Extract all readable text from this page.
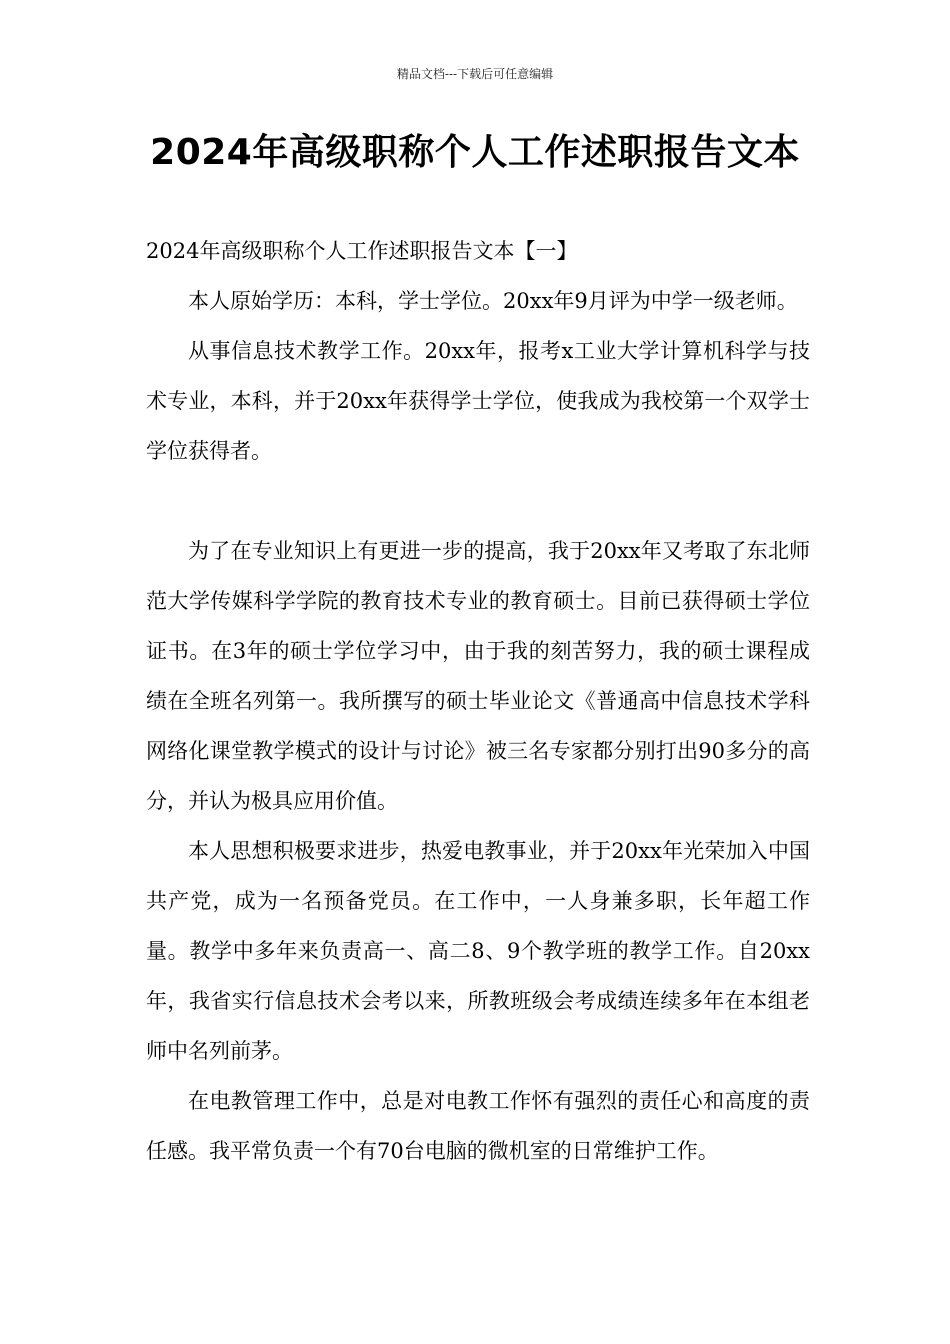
精品文档---下载后可任意编辑
2024年高级职称个人工作述职报告文本

2024年高级职称个人工作述职报告文本【一】

本人原始学历：本科，学士学位。20xx年9月评为中学一级老师。

从事信息技术教学工作。20xx年，报考x工业大学计算机科学与技术专业，本科，并于20xx年获得学士学位，使我成为我校第一个双学士学位获得者。

为了在专业知识上有更进一步的提高，我于20xx年又考取了东北师范大学传媒科学学院的教育技术专业的教育硕士。目前已获得硕士学位证书。在3年的硕士学位学习中，由于我的刻苦努力，我的硕士课程成绩在全班名列第一。我所撰写的硕士毕业论文《普通高中信息技术学科网络化课堂教学模式的设计与讨论》被三名专家都分别打出90多分的高分，并认为极具应用价值。

本人思想积极要求进步，热爱电教事业，并于20xx年光荣加入中国共产党，成为一名预备党员。在工作中，一人身兼多职，长年超工作量。教学中多年来负责高一、高二8、9个教学班的教学工作。自20xx年，我省实行信息技术会考以来，所教班级会考成绩连续多年在本组老师中名列前茅。

在电教管理工作中，总是对电教工作怀有强烈的责任心和高度的责任感。我平常负责一个有70台电脑的微机室的日常维护工作。
